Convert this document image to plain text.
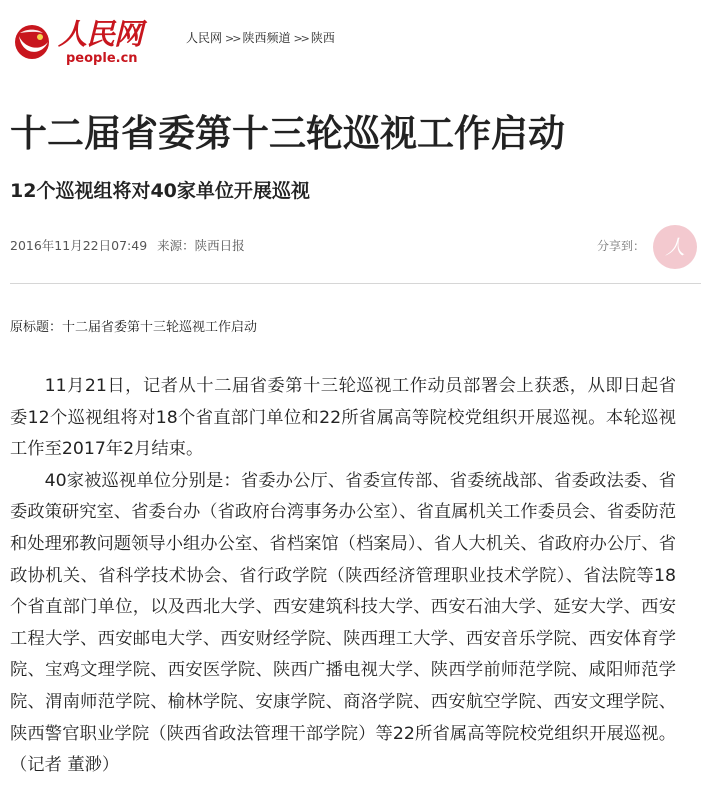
人民网
people.cn
人民网 >> 陕西频道 >> 陕西
十二届省委第十三轮巡视工作启动
12个巡视组将对40家单位开展巡视
2016年11月22日07:49 来源：陕西日报	分享到：	人
原标题：十二届省委第十三轮巡视工作启动

11月21日，记者从十二届省委第十三轮巡视工作动员部署会上获悉，从即日起省委12个巡视组将对18个省直部门单位和22所省属高等院校党组织开展巡视。本轮巡视工作至2017年2月结束。

40家被巡视单位分别是：省委办公厅、省委宣传部、省委统战部、省委政法委、省委政策研究室、省委台办（省政府台湾事务办公室）、省直属机关工作委员会、省委防范和处理邪教问题领导小组办公室、省档案馆（档案局）、省人大机关、省政府办公厅、省政协机关、省科学技术协会、省行政学院（陕西经济管理职业技术学院）、省法院等18个省直部门单位，以及西北大学、西安建筑科技大学、西安石油大学、延安大学、西安工程大学、西安邮电大学、西安财经学院、陕西理工大学、西安音乐学院、西安体育学院、宝鸡文理学院、西安医学院、陕西广播电视大学、陕西学前师范学院、咸阳师范学院、渭南师范学院、榆林学院、安康学院、商洛学院、西安航空学院、西安文理学院、陕西警官职业学院（陕西省政法管理干部学院）等22所省属高等院校党组织开展巡视。（记者 董渺）
